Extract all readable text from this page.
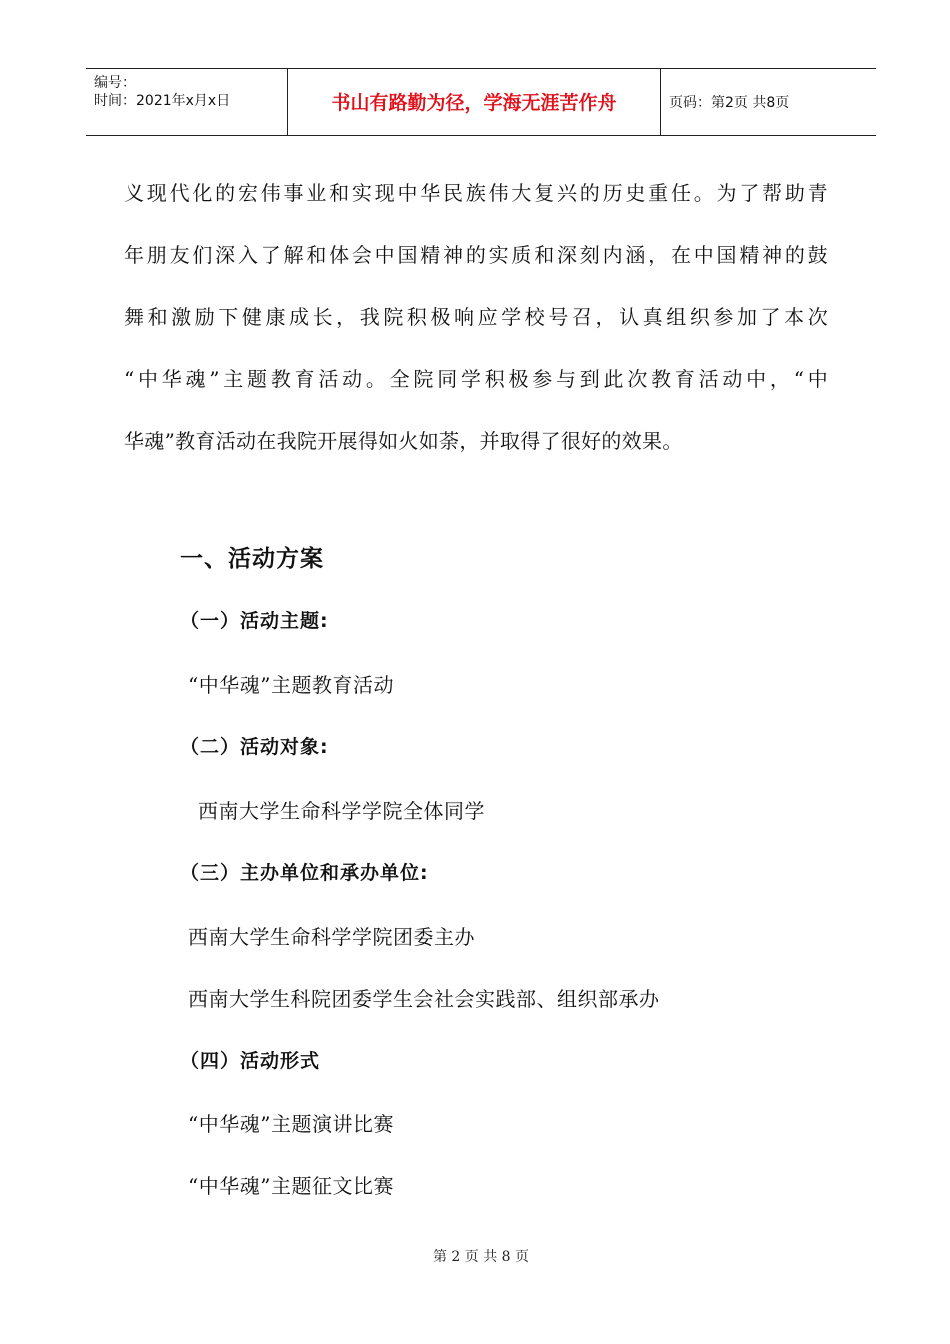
编号：
时间：2021年x月x日	书山有路勤为径，学海无涯苦作舟	页码：第2页 共8页
义现代化的宏伟事业和实现中华民族伟大复兴的历史重任。为了帮助青
年朋友们深入了解和体会中国精神的实质和深刻内涵，在中国精神的鼓
舞和激励下健康成长，我院积极响应学校号召，认真组织参加了本次
“中华魂”主题教育活动。全院同学积极参与到此次教育活动中，“中
华魂”教育活动在我院开展得如火如荼，并取得了很好的效果。
一、活动方案
（一）活动主题:
“中华魂”主题教育活动
（二）活动对象:
西南大学生命科学学院全体同学
（三）主办单位和承办单位:
西南大学生命科学学院团委主办
西南大学生科院团委学生会社会实践部、组织部承办
（四）活动形式
“中华魂”主题演讲比赛
“中华魂”主题征文比赛
第 2 页 共 8 页
